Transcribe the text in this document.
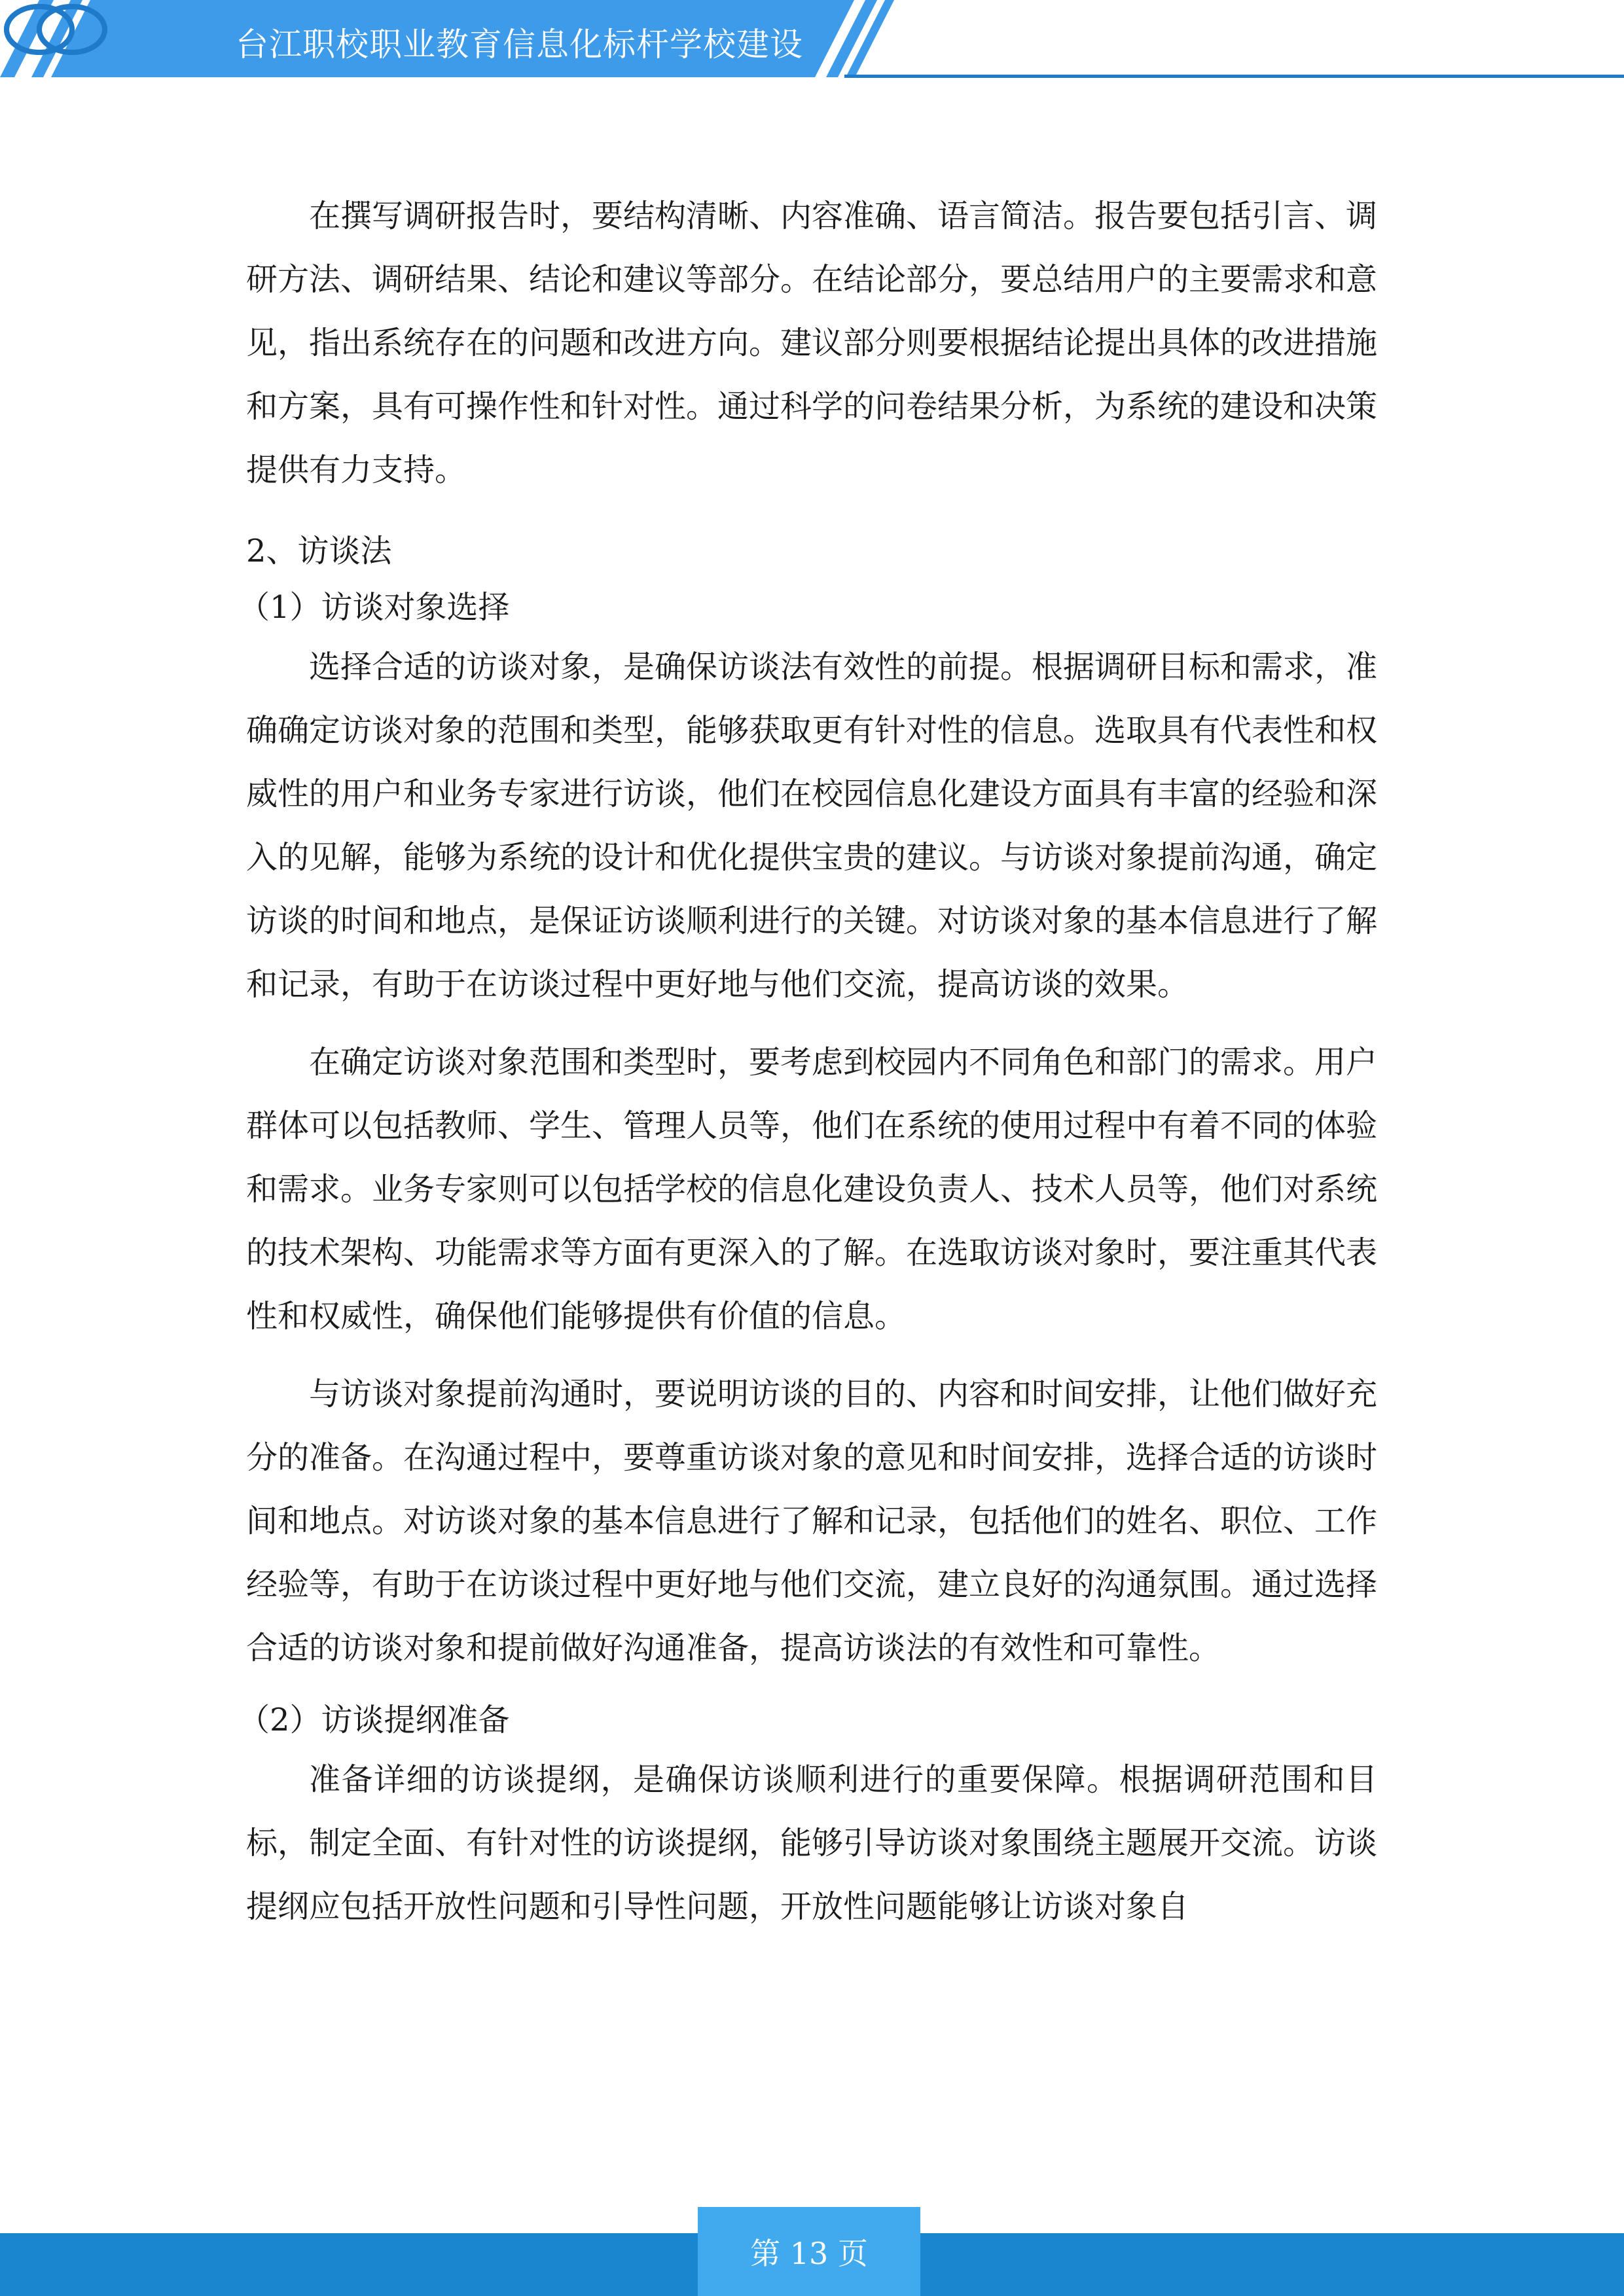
台江职校职业教育信息化标杆学校建设

在撰写调研报告时，要结构清晰、内容准确、语言简洁。报告要包括引言、调研方法、调研结果、结论和建议等部分。在结论部分，要总结用户的主要需求和意见，指出系统存在的问题和改进方向。建议部分则要根据结论提出具体的改进措施和方案，具有可操作性和针对性。通过科学的问卷结果分析，为系统的建设和决策提供有力支持。

2、访谈法

（1）访谈对象选择

选择合适的访谈对象，是确保访谈法有效性的前提。根据调研目标和需求，准确确定访谈对象的范围和类型，能够获取更有针对性的信息。选取具有代表性和权威性的用户和业务专家进行访谈，他们在校园信息化建设方面具有丰富的经验和深入的见解，能够为系统的设计和优化提供宝贵的建议。与访谈对象提前沟通，确定访谈的时间和地点，是保证访谈顺利进行的关键。对访谈对象的基本信息进行了解和记录，有助于在访谈过程中更好地与他们交流，提高访谈的效果。

在确定访谈对象范围和类型时，要考虑到校园内不同角色和部门的需求。用户群体可以包括教师、学生、管理人员等，他们在系统的使用过程中有着不同的体验和需求。业务专家则可以包括学校的信息化建设负责人、技术人员等，他们对系统的技术架构、功能需求等方面有更深入的了解。在选取访谈对象时，要注重其代表性和权威性，确保他们能够提供有价值的信息。

与访谈对象提前沟通时，要说明访谈的目的、内容和时间安排，让他们做好充分的准备。在沟通过程中，要尊重访谈对象的意见和时间安排，选择合适的访谈时间和地点。对访谈对象的基本信息进行了解和记录，包括他们的姓名、职位、工作经验等，有助于在访谈过程中更好地与他们交流，建立良好的沟通氛围。通过选择合适的访谈对象和提前做好沟通准备，提高访谈法的有效性和可靠性。

（2）访谈提纲准备

准备详细的访谈提纲，是确保访谈顺利进行的重要保障。根据调研范围和目标，制定全面、有针对性的访谈提纲，能够引导访谈对象围绕主题展开交流。访谈提纲应包括开放性问题和引导性问题，开放性问题能够让访谈对象自

第 13 页
